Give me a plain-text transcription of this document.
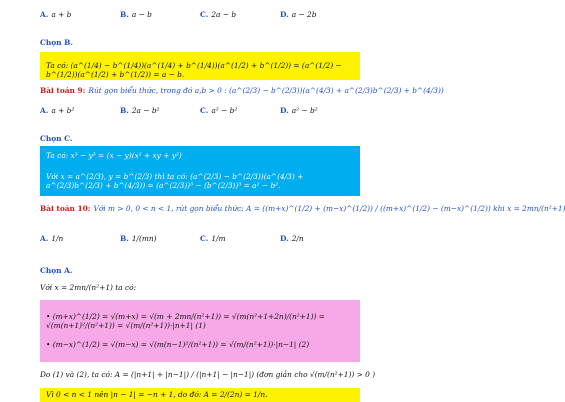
A. a + b	B. a − b	C. 2a − b	D. a − 2b
Chọn B.
Ta có: (a^(1/4) − b^(1/4))(a^(1/4) + b^(1/4))(a^(1/2) + b^(1/2)) = (a^(1/2) − b^(1/2))(a^(1/2) + b^(1/2)) = a − b.
Bài toán 9: Rút gọn biểu thức, trong đó a,b > 0 : (a^(2/3) − b^(2/3))(a^(4/3) + a^(2/3)b^(2/3) + b^(4/3))
A. a + b²	B. 2a − b²	C. a² − b²	D. a² − b²
Chọn C.
Ta có: x³ − y³ = (x − y)(x² + xy + y²)
Với x = a^(2/3), y = b^(2/3) thì ta có: (a^(2/3) − b^(2/3))(a^(4/3) + a^(2/3)b^(2/3) + b^(4/3)) = (a^(2/3))³ − (b^(2/3))³ = a² − b².
Bài toán 10: Với m > 0, 0 < n < 1, rút gọn biểu thức: A = ((m+x)^(1/2) + (m−x)^(1/2)) / ((m+x)^(1/2) − (m−x)^(1/2)) khi x = 2mn/(n²+1)
A. 1/n	B. 1/(mn)	C. 1/m	D. 2/n
Chọn A.
Với x = 2mn/(n²+1) ta có:
• (m+x)^(1/2) = √(m+x) = √(m + 2mn/(n²+1)) = √(m(n²+1+2n)/(n²+1)) = √(m(n+1)²/(n²+1)) = √(m/(n²+1))·|n+1| (1)
• (m−x)^(1/2) = √(m−x) = √(m(n−1)²/(n²+1)) = √(m/(n²+1))·|n−1| (2)
Do (1) và (2), ta có: A = (|n+1| + |n−1|) / (|n+1| − |n−1|) (đơn giản cho √(m/(n²+1)) > 0 )
Vì 0 < n < 1 nên |n − 1| = −n + 1, do đó: A = 2/(2n) = 1/n.
